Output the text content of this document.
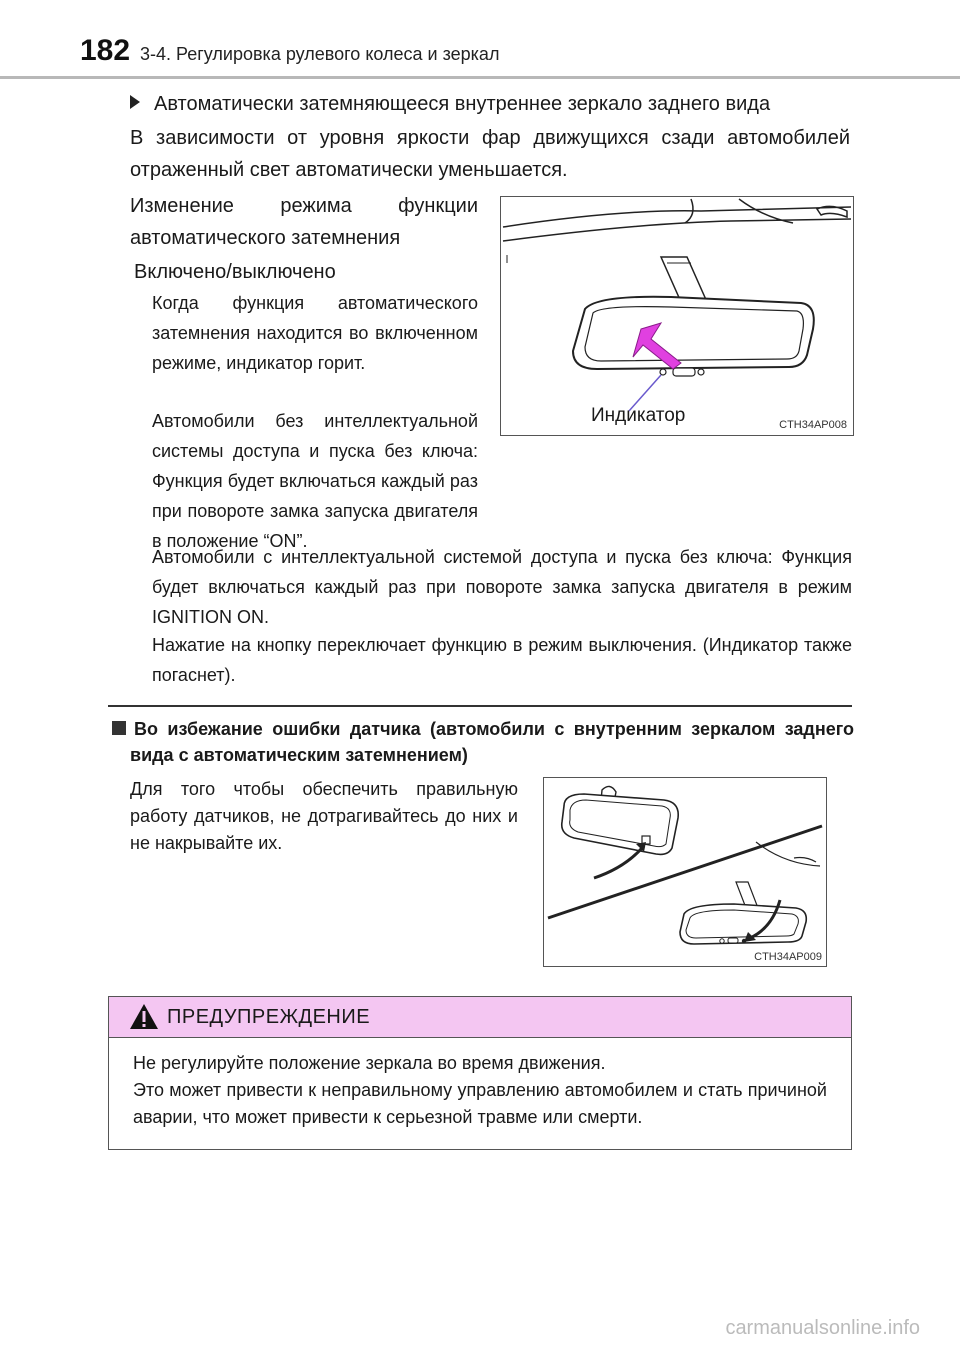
182 3-4. Регулировка рулевого колеса и зеркал
Автоматически затемняющееся внутреннее зеркало заднего вида
В зависимости от уровня яркости фар движущихся сзади автомобилей отраженный свет автоматически уменьшается.
Изменение режима функции
автоматического затемнения
Включено/выключено
Когда функция автоматического затемнения находится во включенном режиме, индикатор горит.
Автомобили без интеллектуальной системы доступа и пуска без ключа: Функция будет включаться каждый раз при повороте замка запуска двигателя в положение “ON”.
Индикатор	CTH34AP008
Автомобили с интеллектуальной системой доступа и пуска без ключа: Функция будет включаться каждый раз при повороте замка запуска двигателя в режим IGNITION ON.
Нажатие на кнопку переключает функцию в режим выключения. (Индикатор также погаснет).
Во избежание ошибки датчика (автомобили с внутренним зеркалом заднего
вида с автоматическим затемнением)
Для того чтобы обеспечить правильную работу датчиков, не дотрагивайтесь до них и не накрывайте их.
CTH34AP009
ПРЕДУПРЕЖДЕНИЕ
Не регулируйте положение зеркала во время движения.
Это может привести к неправильному управлению автомобилем и стать причиной аварии, что может привести к серьезной травме или смерти.
carmanualsonline.info
